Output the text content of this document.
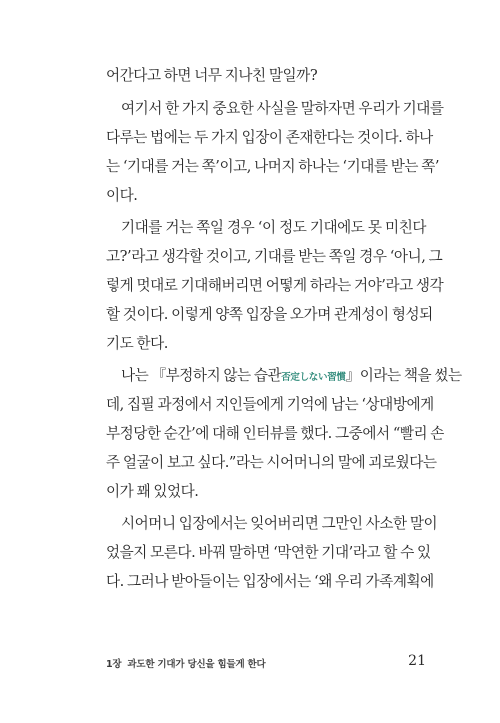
어간다고 하면 너무 지나친 말일까?
여기서 한 가지 중요한 사실을 말하자면 우리가 기대를
다루는 법에는 두 가지 입장이 존재한다는 것이다. 하나
는 ‘기대를 거는 쪽’이고, 나머지 하나는 ‘기대를 받는 쪽’
이다.
기대를 거는 쪽일 경우 ‘이 정도 기대에도 못 미친다
고?’라고 생각할 것이고, 기대를 받는 쪽일 경우 ‘아니, 그
렇게 멋대로 기대해버리면 어떻게 하라는 거야’라고 생각
할 것이다. 이렇게 양쪽 입장을 오가며 관계성이 형성되
기도 한다.
나는 『부정하지 않는 습관否定しない習慣』이라는 책을 썼는
데, 집필 과정에서 지인들에게 기억에 남는 ‘상대방에게
부정당한 순간’에 대해 인터뷰를 했다. 그중에서 “빨리 손
주 얼굴이 보고 싶다.”라는 시어머니의 말에 괴로웠다는
이가 꽤 있었다.
시어머니 입장에서는 잊어버리면 그만인 사소한 말이
었을지 모른다. 바꿔 말하면 ‘막연한 기대’라고 할 수 있
다. 그러나 받아들이는 입장에서는 ‘왜 우리 가족계획에
1장 과도한 기대가 당신을 힘들게 한다	21
